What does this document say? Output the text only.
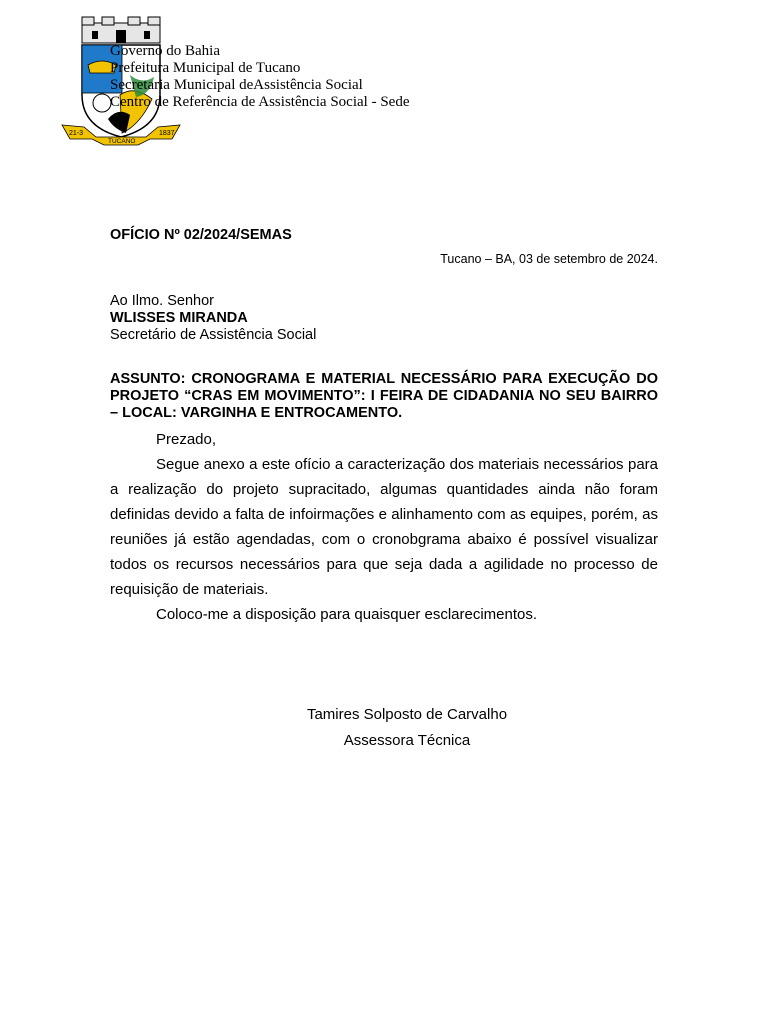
21-3	1837
TUCANO
Governo do Bahia
Prefeitura Municipal de Tucano
Secretaria Municipal deAssistência Social
Centro de Referência de Assistência Social - Sede
OFÍCIO Nº 02/2024/SEMAS
Tucano – BA, 03 de setembro de 2024.
Ao Ilmo. Senhor
WLISSES MIRANDA
Secretário de Assistência Social
ASSUNTO: CRONOGRAMA E MATERIAL NECESSÁRIO PARA EXECUÇÃO DO PROJETO “CRAS EM MOVIMENTO”: I FEIRA DE CIDADANIA NO SEU BAIRRO – LOCAL: VARGINHA E ENTROCAMENTO.

Prezado,

Segue anexo a este ofício a caracterização dos materiais necessários para a realização do projeto supracitado, algumas quantidades ainda não foram definidas devido a falta de infoirmações e alinhamento com as equipes, porém, as reuniões já estão agendadas, com o cronobgrama abaixo é possível visualizar todos os recursos necessários para que seja dada a agilidade no processo de requisição de materiais.

Coloco-me a disposição para quaisquer esclarecimentos.

Tamires Solposto de Carvalho
Assessora Técnica
